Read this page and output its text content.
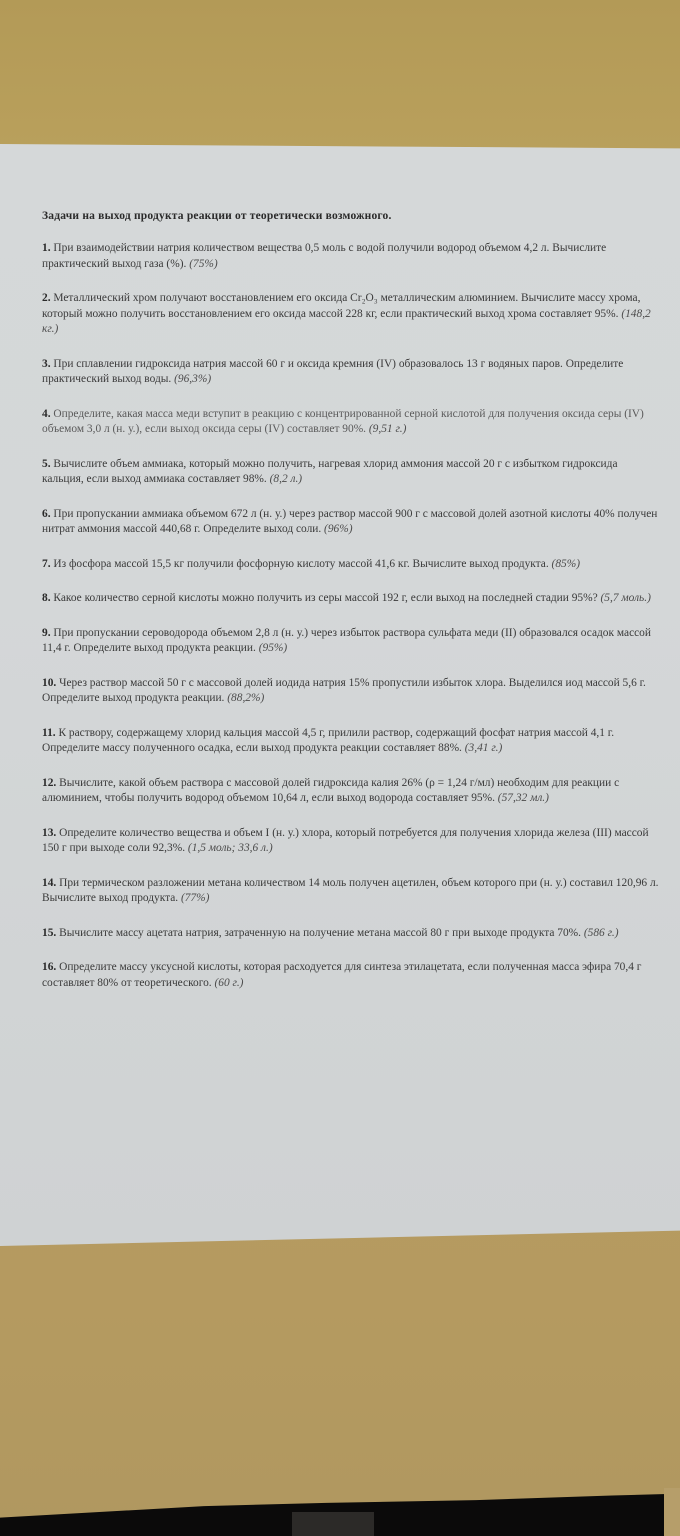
Задачи на выход продукта реакции от теоретически возможного.
1. При взаимодействии натрия количеством вещества 0,5 моль с водой получили водород объемом 4,2 л. Вычислите практический выход газа (%). (75%)
2. Металлический хром получают восстановлением его оксида Cr₂O₃ металлическим алюминием. Вычислите массу хрома, который можно получить восстановлением его оксида массой 228 кг, если практический выход хрома составляет 95%. (148,2 кг.)
3. При сплавлении гидроксида натрия массой 60 г и оксида кремния (IV) образовалось 13 г водяных паров. Определите практический выход воды. (96,3%)
4. Определите, какая масса меди вступит в реакцию с концентрированной серной кислотой для получения оксида серы (IV) объемом 3,0 л (н. у.), если выход оксида серы (IV) составляет 90%. (9,51 г.)
5. Вычислите объем аммиака, который можно получить, нагревая хлорид аммония массой 20 г с избытком гидроксида кальция, если выход аммиака составляет 98%. (8,2 л.)
6. При пропускании аммиака объемом 672 л (н. у.) через раствор массой 900 г с массовой долей азотной кислоты 40% получен нитрат аммония массой 440,68 г. Определите выход соли. (96%)
7. Из фосфора массой 15,5 кг получили фосфорную кислоту массой 41,6 кг. Вычислите выход продукта. (85%)
8. Какое количество серной кислоты можно получить из серы массой 192 г, если выход на последней стадии 95%? (5,7 моль.)
9. При пропускании сероводорода объемом 2,8 л (н. у.) через избыток раствора сульфата меди (II) образовался осадок массой 11,4 г. Определите выход продукта реакции. (95%)
10. Через раствор массой 50 г с массовой долей иодида натрия 15% пропустили избыток хлора. Выделился иод массой 5,6 г. Определите выход продукта реакции. (88,2%)
11. К раствору, содержащему хлорид кальция массой 4,5 г, прилили раствор, содержащий фосфат натрия массой 4,1 г. Определите массу полученного осадка, если выход продукта реакции составляет 88%. (3,41 г.)
12. Вычислите, какой объем раствора с массовой долей гидроксида калия 26% (ρ = 1,24 г/мл) необходим для реакции с алюминием, чтобы получить водород объемом 10,64 л, если выход водорода составляет 95%. (57,32 мл.)
13. Определите количество вещества и объем I (н. у.) хлора, который потребуется для получения хлорида железа (III) массой 150 г при выходе соли 92,3%. (1,5 моль; 33,6 л.)
14. При термическом разложении метана количеством 14 моль получен ацетилен, объем которого при (н. у.) составил 120,96 л. Вычислите выход продукта. (77%)
15. Вычислите массу ацетата натрия, затраченную на получение метана массой 80 г при выходе продукта 70%. (586 г.)
16. Определите массу уксусной кислоты, которая расходуется для синтеза этилацетата, если полученная масса эфира 70,4 г составляет 80% от теоретического. (60 г.)
